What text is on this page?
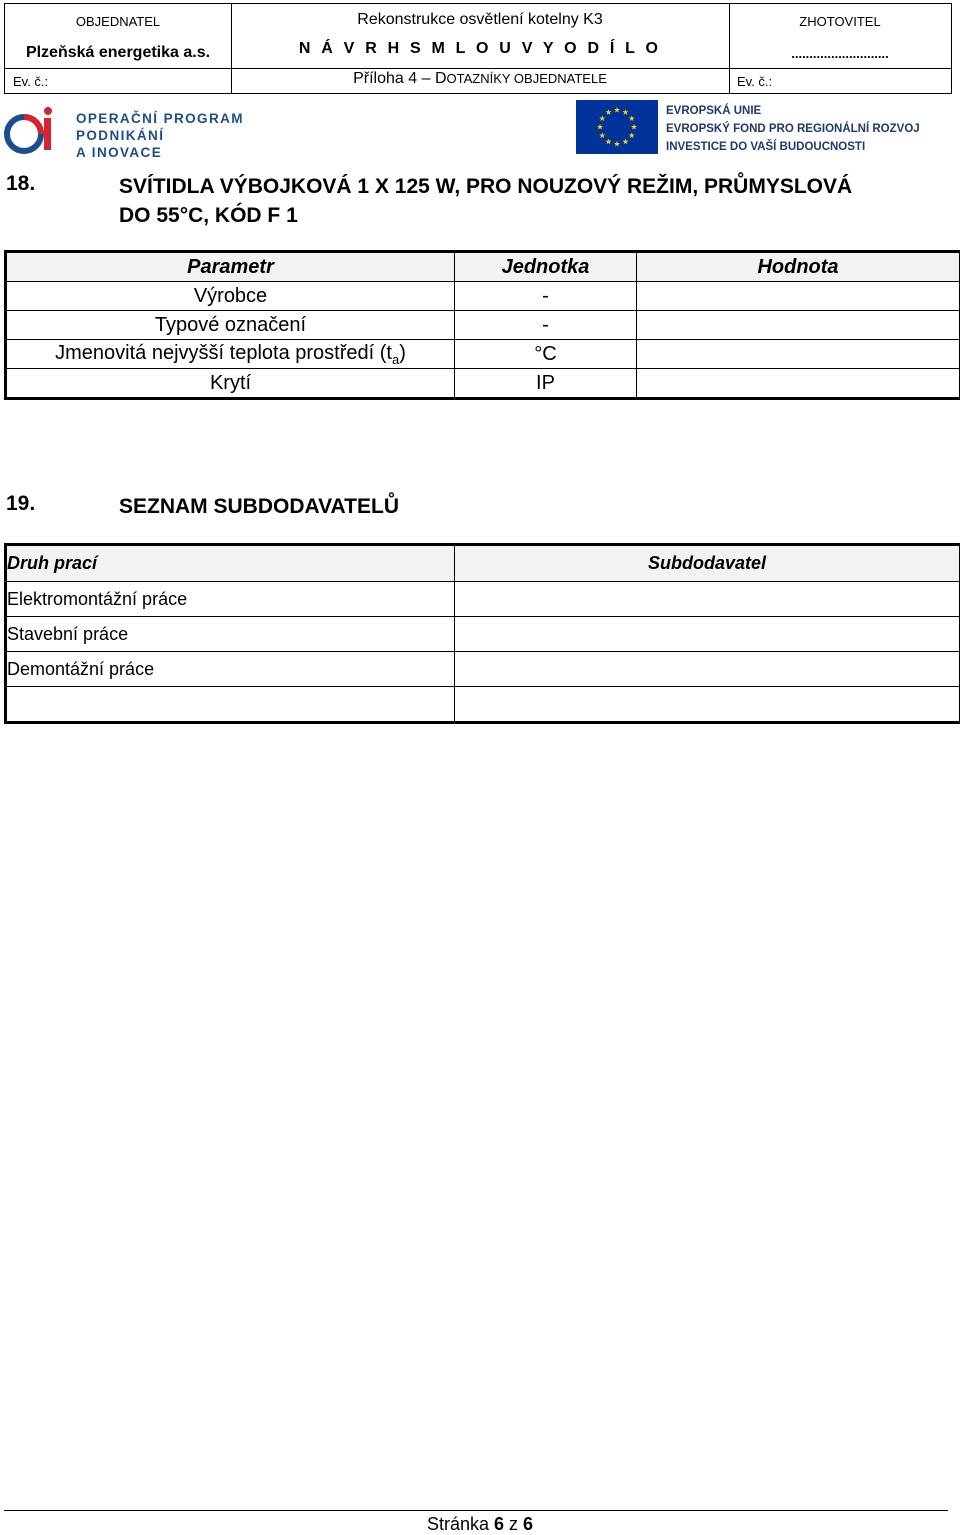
OBJEDNATEL
Plzeňská energetika a.s.
Ev. č.:
Rekonstrukce osvětlení kotelny K3
N Á V R H S M L O U V Y O D Í L O
Příloha 4 – DOTAZNÍKY OBJEDNATELE
ZHOTOVITEL
...........................
Ev. č.:
OPERAČNÍ PROGRAM
PODNIKÁNÍ
A INOVACE
EVROPSKÁ UNIE
EVROPSKÝ FOND PRO REGIONÁLNÍ ROZVOJ
INVESTICE DO VAŠÍ BUDOUCNOSTI
18.	SVÍTIDLA VÝBOJKOVÁ 1 X 125 W, PRO NOUZOVÝ REŽIM, PRŮMYSLOVÁ
DO 55°C, KÓD F 1
Parametr	Jednotka	Hodnota
Výrobce	-	
Typové označení	-	
Jmenovitá nejvyšší teplota prostředí $(t_a)$	°C	
Krytí	IP	
19.	SEZNAM SUBDODAVATELŮ
Druh prací	Subdodavatel
Elektromontážní práce	
Stavební práce	
Demontážní práce	

Stránka 6 z 6
